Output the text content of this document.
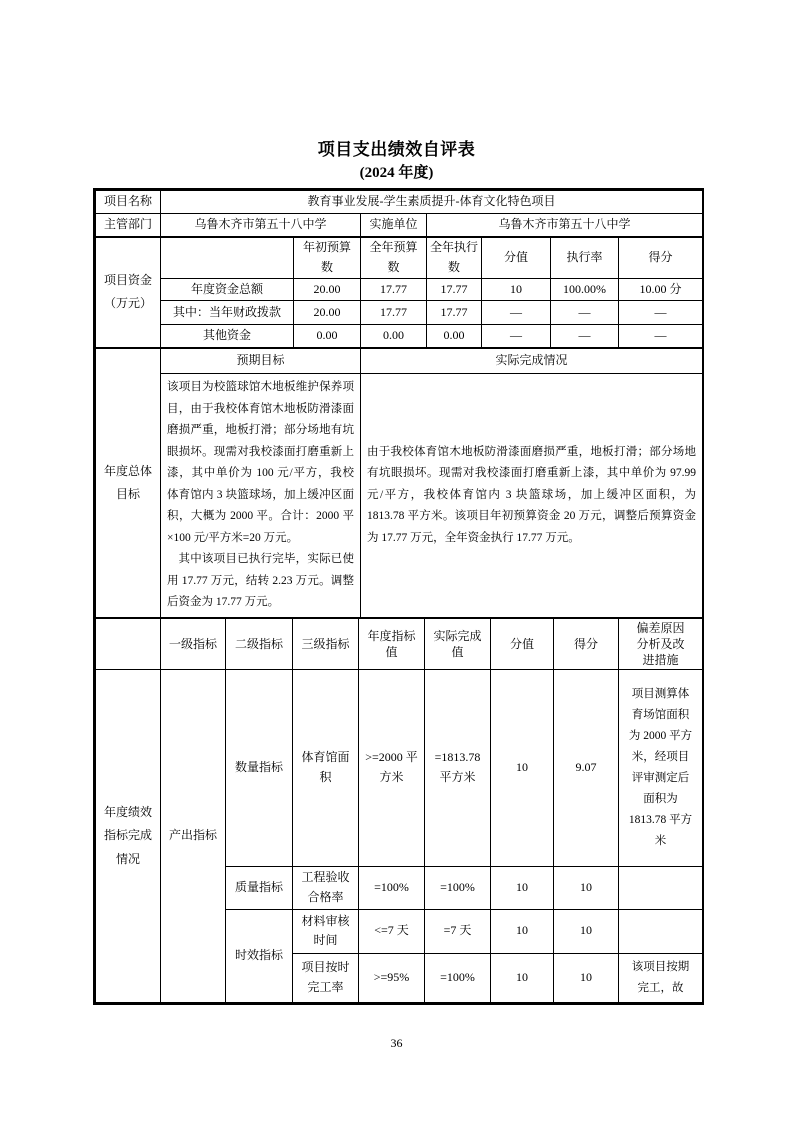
项目支出绩效自评表
(2024 年度)
项目名称	教育事业发展-学生素质提升-体育文化特色项目		
主管部门	乌鲁木齐市第五十八中学	实施单位	乌鲁木齐市第五十八中学
项目资金（万元）		年初预算数	全年预算数	全年执行数	分值	执行率	得分
	年度资金总额	20.00	17.77	17.77	10	100.00%	10.00 分
	其中：当年财政拨款	20.00	17.77	17.77	—	—	—
	其他资金	0.00	0.00	0.00	—	—	—
年度总体目标	预期目标	实际完成情况

	该项目为校篮球馆木地板维护保养项目，由于我校体育馆木地板防滑漆面磨损严重，地板打滑；部分场地有坑眼损坏。现需对我校漆面打磨重新上漆，其中单价为 100 元/平方，我校体育馆内 3 块篮球场，加上缓冲区面积，大概为 2000 平。合计：2000 平×100 元/平方米=20 万元。

其中该项目已执行完毕，实际已使用 17.77 万元，结转 2.23 万元。调整后资金为 17.77 万元。	由于我校体育馆木地板防滑漆面磨损严重，地板打滑；部分场地有坑眼损坏。现需对我校漆面打磨重新上漆，其中单价为 97.99 元/平方，我校体育馆内 3 块篮球场，加上缓冲区面积，为 1813.78 平方米。该项目年初预算资金 20 万元，调整后预算资金为 17.77 万元，全年资金执行 17.77 万元。
	一级指标	二级指标	三级指标	年度指标值	实际完成值	分值	得分	偏差原因分析及改进措施
年度绩效指标完成情况	产出指标	数量指标	体育馆面积	>=2000 平方米	=1813.78 平方米	10	9.07	项目测算体育场馆面积为 2000 平方米，经项目评审测定后面积为 1813.78 平方米
		质量指标	工程验收合格率	=100%	=100%	10	10	
		时效指标	材料审核时间	<=7 天	=7 天	10	10	
			项目按时完工率	>=95%	=100%	10	10	该项目按期完工，故
36
